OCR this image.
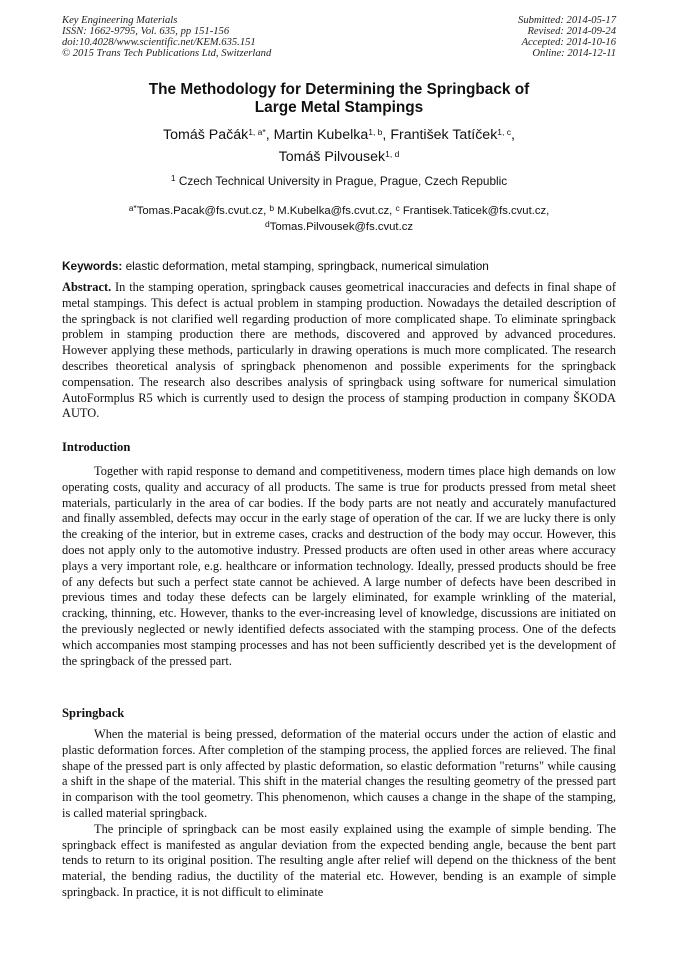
Key Engineering Materials
ISSN: 1662-9795, Vol. 635, pp 151-156
doi:10.4028/www.scientific.net/KEM.635.151
© 2015 Trans Tech Publications Ltd, Switzerland
Submitted: 2014-05-17
Revised: 2014-09-24
Accepted: 2014-10-16
Online: 2014-12-11
The Methodology for Determining the Springback of
Large Metal Stampings
Tomáš Pačák$^{1, a*}$, Martin Kubelka$^{1, b}$, František Tatíček$^{1, c}$,
Tomáš Pilvousek$^{1, d}$
$^1$ Czech Technical University in Prague, Prague, Czech Republic
$^{a*}$Tomas.Pacak@fs.cvut.cz, $^b$ M.Kubelka@fs.cvut.cz, $^c$ Frantisek.Taticek@fs.cvut.cz,
$^d$Tomas.Pilvousek@fs.cvut.cz
Keywords: elastic deformation, metal stamping, springback, numerical simulation
Abstract. In the stamping operation, springback causes geometrical inaccuracies and defects in final shape of metal stampings. This defect is actual problem in stamping production. Nowadays the detailed description of the springback is not clarified well regarding production of more complicated shape. To eliminate springback problem in stamping production there are methods, discovered and approved by advanced procedures. However applying these methods, particularly in drawing operations is much more complicated. The research describes theoretical analysis of springback phenomenon and possible experiments for the springback compensation. The research also describes analysis of springback using software for numerical simulation AutoFormplus R5 which is currently used to design the process of stamping production in company ŠKODA AUTO.
Introduction

Together with rapid response to demand and competitiveness, modern times place high demands on low operating costs, quality and accuracy of all products. The same is true for products pressed from metal sheet materials, particularly in the area of car bodies. If the body parts are not neatly and accurately manufactured and finally assembled, defects may occur in the early stage of operation of the car. If we are lucky there is only the creaking of the interior, but in extreme cases, cracks and destruction of the body may occur. However, this does not apply only to the automotive industry. Pressed products are often used in other areas where accuracy plays a very important role, e.g. healthcare or information technology. Ideally, pressed products should be free of any defects but such a perfect state cannot be achieved. A large number of defects have been described in previous times and today these defects can be largely eliminated, for example wrinkling of the material, cracking, thinning, etc. However, thanks to the ever-increasing level of knowledge, discussions are initiated on the previously neglected or newly identified defects associated with the stamping process. One of the defects which accompanies most stamping processes and has not been sufficiently described yet is the development of the springback of the pressed part.

Springback

When the material is being pressed, deformation of the material occurs under the action of elastic and plastic deformation forces. After completion of the stamping process, the applied forces are relieved. The final shape of the pressed part is only affected by plastic deformation, so elastic deformation "returns" while causing a shift in the shape of the material. This shift in the material changes the resulting geometry of the pressed part in comparison with the tool geometry. This phenomenon, which causes a change in the shape of the stamping, is called material springback.

The principle of springback can be most easily explained using the example of simple bending. The springback effect is manifested as angular deviation from the expected bending angle, because the bent part tends to return to its original position. The resulting angle after relief will depend on the thickness of the bent material, the bending radius, the ductility of the material etc. However, bending is an example of simple springback. In practice, it is not difficult to eliminate
